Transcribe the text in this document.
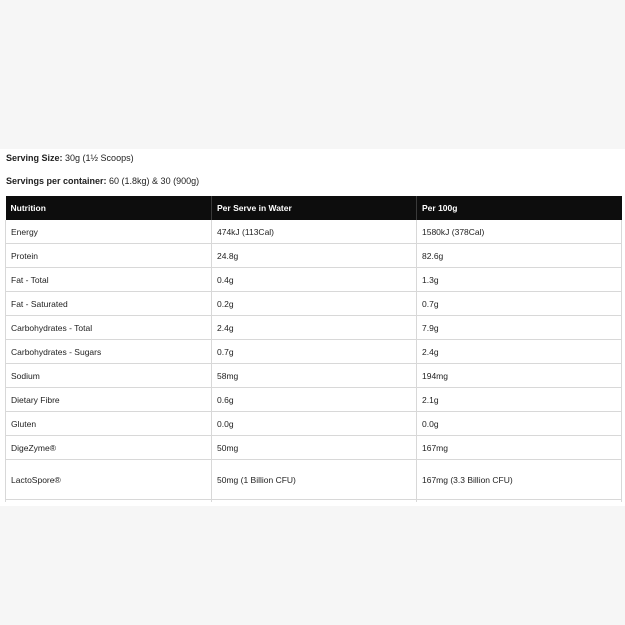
Serving Size: 30g (1½ Scoops)
Servings per container: 60 (1.8kg) & 30 (900g)
Nutrition	Per Serve in Water	Per 100g
Energy	474kJ (113Cal)	1580kJ (378Cal)
Protein	24.8g	82.6g
Fat - Total	0.4g	1.3g
Fat - Saturated	0.2g	0.7g
Carbohydrates - Total	2.4g	7.9g
Carbohydrates - Sugars	0.7g	2.4g
Sodium	58mg	194mg
Dietary Fibre	0.6g	2.1g
Gluten	0.0g	0.0g
DigeZyme®	50mg	167mg
LactoSpore®	50mg (1 Billion CFU)	167mg (3.3 Billion CFU)
